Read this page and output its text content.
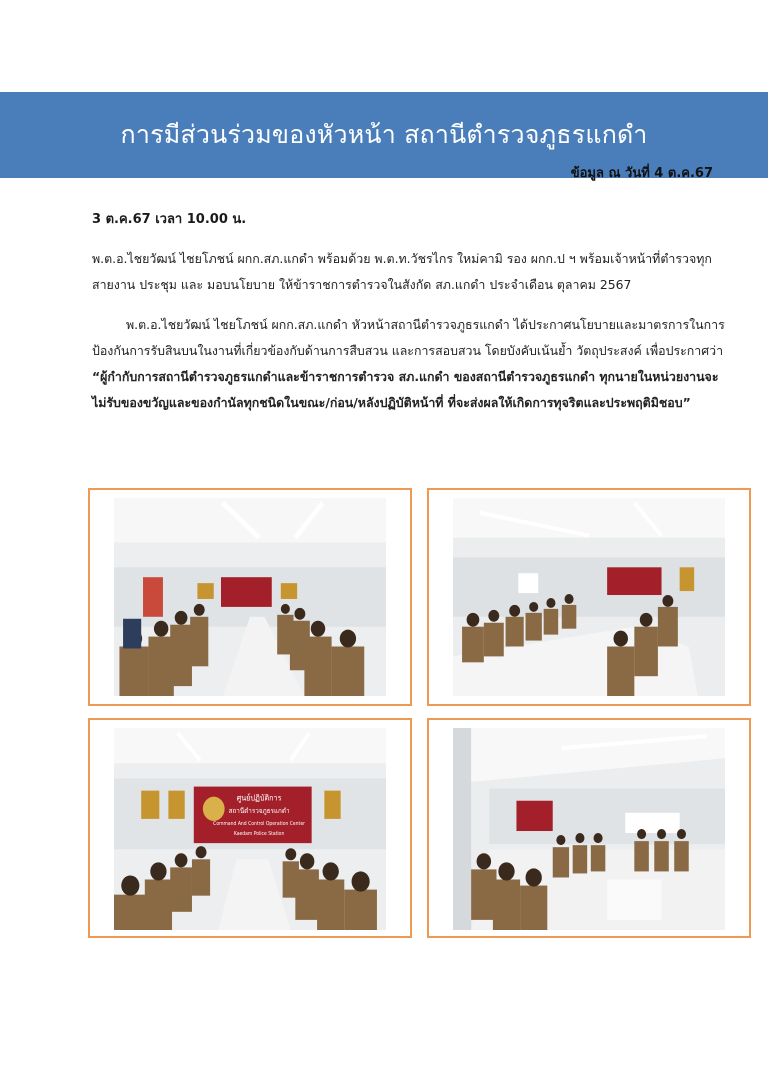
การมีส่วนร่วมของหัวหน้า สถานีตำรวจภูธรแกดำ
ข้อมูล ณ วันที่ 4 ต.ค.67
3 ต.ค.67 เวลา 10.00 น.
พ.ต.อ.ไชยวัฒน์ ไชยโภชน์ ผกก.สภ.แกดำ พร้อมด้วย พ.ต.ท.วัชรไกร ใหม่คามิ รอง ผกก.ป ฯ พร้อมเจ้าหน้าที่ตำรวจทุกสายงาน ประชุม และ มอบนโยบาย ให้ข้าราชการตำรวจในสังกัด สภ.แกดำ ประจำเดือน ตุลาคม 2567
พ.ต.อ.ไชยวัฒน์ ไชยโภชน์ ผกก.สภ.แกดำ หัวหน้าสถานีตำรวจภูธรแกดำ ได้ประกาศนโยบายและมาตรการในการป้องกันการรับสินบนในงานที่เกี่ยวข้องกับด้านการสืบสวน และการสอบสวน โดยบังคับเน้นย้ำ วัตถุประสงค์ เพื่อประกาศว่า “ผู้กำกับการสถานีตำรวจภูธรแกดำและข้าราชการตำรวจ สภ.แกดำ ของสถานีตำรวจภูธรแกดำ ทุกนายในหน่วยงานจะไม่รับของขวัญและของกำนัลทุกชนิดในขณะ/ก่อน/หลังปฏิบัติหน้าที่ ที่จะส่งผลให้เกิดการทุจริตและประพฤติมิชอบ”
ศูนย์ปฏิบัติการ
สถานีตำรวจภูธรแกดำ
Command And Control Operation Center
Kaedam Police Station
